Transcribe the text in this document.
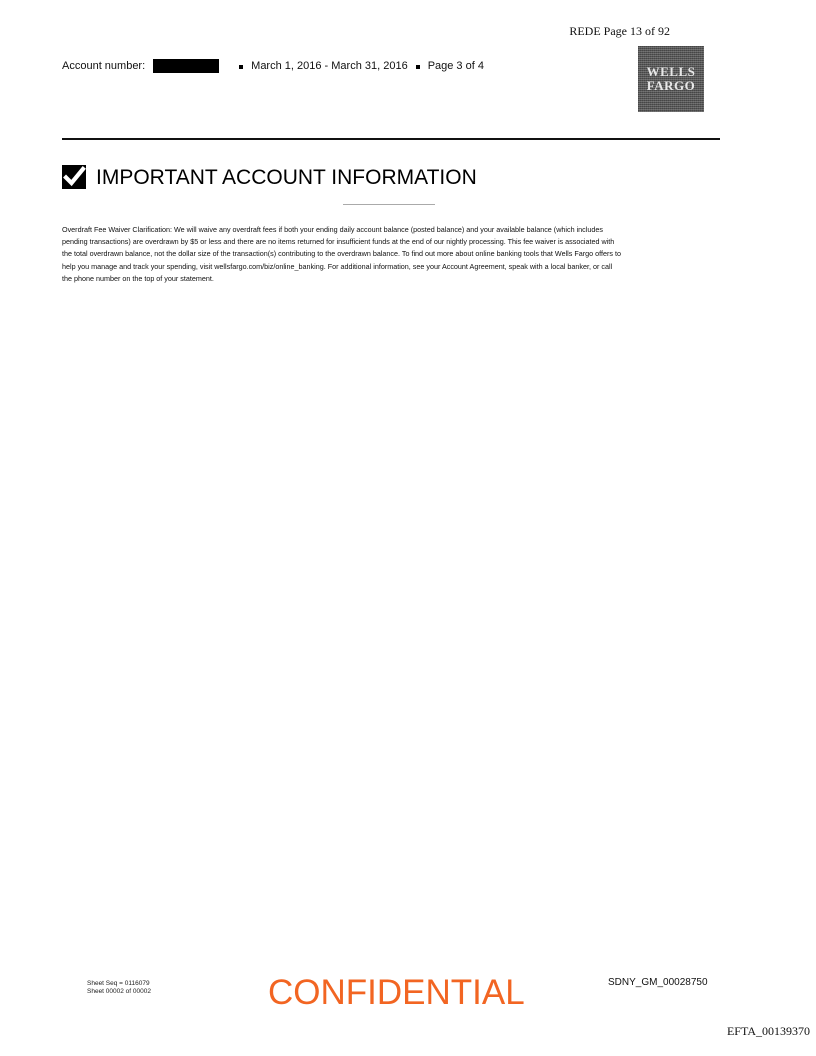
REDE Page 13 of 92
Account number:	March 1, 2016 - March 31, 2016 Page 3 of 4	WELLS
FARGO
IMPORTANT ACCOUNT INFORMATION
Overdraft Fee Waiver Clarification: We will waive any overdraft fees if both your ending daily account balance (posted balance) and your available balance (which includes pending transactions) are overdrawn by $5 or less and there are no items returned for insufficient funds at the end of our nightly processing. This fee waiver is associated with the total overdrawn balance, not the dollar size of the transaction(s) contributing to the overdrawn balance. To find out more about online banking tools that Wells Fargo offers to help you manage and track your spending, visit wellsfargo.com/biz/online_banking. For additional information, see your Account Agreement, speak with a local banker, or call the phone number on the top of your statement.
Sheet Seq = 0116079
Sheet 00002 of 00002	CONFIDENTIAL	SDNY_GM_00028750
EFTA_00139370
